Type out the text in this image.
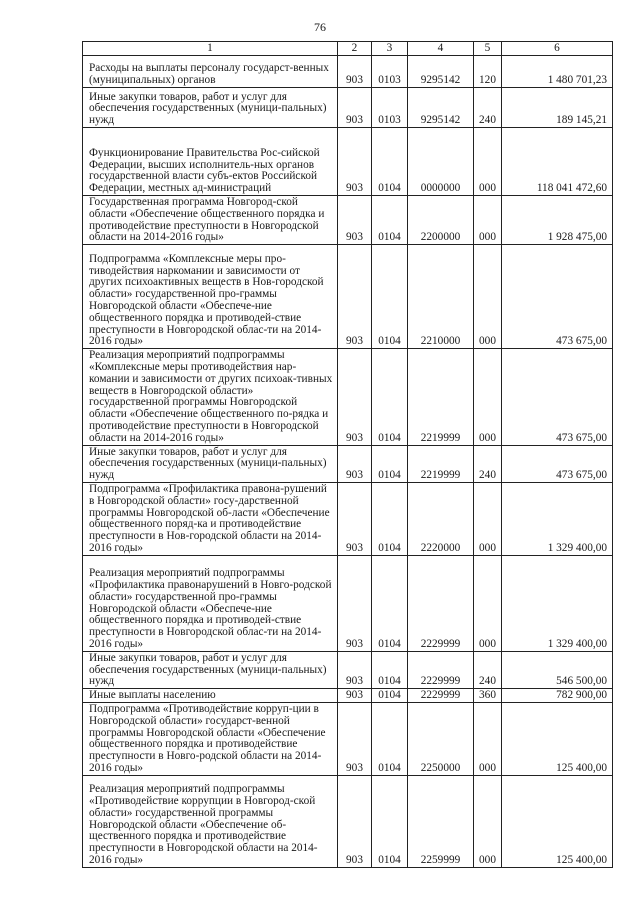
76
1	2	3	4	5	6
Расходы на выплаты персоналу государст-венных (муниципальных) органов	903	0103	9295142	120	1 480 701,23
Иные закупки товаров, работ и услуг для обеспечения государственных (муници-пальных) нужд	903	0103	9295142	240	189 145,21
Функционирование Правительства Рос-сийской Федерации, высших исполнитель-ных органов государственной власти субъ-ектов Российской Федерации, местных ад-министраций	903	0104	0000000	000	118 041 472,60
Государственная программа Новгород-ской области «Обеспечение общественного порядка и противодействие преступности в Новгородской области на 2014-2016 годы»	903	0104	2200000	000	1 928 475,00
Подпрограмма «Комплексные меры про-тиводействия наркомании и зависимости от других психоактивных веществ в Нов-городской области» государственной про-граммы Новгородской области «Обеспече-ние общественного порядка и противодей-ствие преступности в Новгородской облас-ти на 2014-2016 годы»	903	0104	2210000	000	473 675,00
Реализация мероприятий подпрограммы «Комплексные меры противодействия нар-комании и зависимости от других психоак-тивных веществ в Новгородской области» государственной программы Новгородской области «Обеспечение общественного по-рядка и противодействие преступности в Новгородской области на 2014-2016 годы»	903	0104	2219999	000	473 675,00
Иные закупки товаров, работ и услуг для обеспечения государственных (муници-пальных) нужд	903	0104	2219999	240	473 675,00
Подпрограмма «Профилактика правона-рушений в Новгородской области» госу-дарственной программы Новгородской об-ласти «Обеспечение общественного поряд-ка и противодействие преступности в Нов-городской области на 2014-2016 годы»	903	0104	2220000	000	1 329 400,00
Реализация мероприятий подпрограммы «Профилактика правонарушений в Новго-родской области» государственной про-граммы Новгородской области «Обеспече-ние общественного порядка и противодей-ствие преступности в Новгородской облас-ти на 2014-2016 годы»	903	0104	2229999	000	1 329 400,00
Иные закупки товаров, работ и услуг для обеспечения государственных (муници-пальных) нужд	903	0104	2229999	240	546 500,00
Иные выплаты населению	903	0104	2229999	360	782 900,00
Подпрограмма «Противодействие корруп-ции в Новгородской области» государст-венной программы Новгородской области «Обеспечение общественного порядка и противодействие преступности в Новго-родской области на 2014-2016 годы»	903	0104	2250000	000	125 400,00
Реализация мероприятий подпрограммы «Противодействие коррупции в Новгород-ской области» государственной программы Новгородской области «Обеспечение об-щественного порядка и противодействие преступности в Новгородской области на 2014-2016 годы»	903	0104	2259999	000	125 400,00
